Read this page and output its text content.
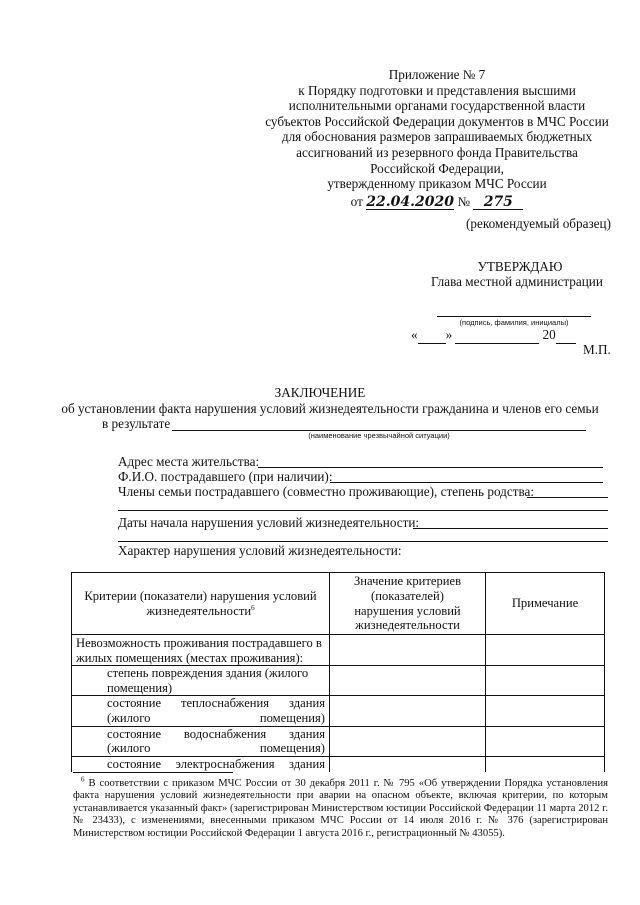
Приложение № 7
к Порядку подготовки и представления высшими
исполнительными органами государственной власти
субъектов Российской Федерации документов в МЧС России
для обоснования размеров запрашиваемых бюджетных
ассигнований из резервного фонда Правительства
Российской Федерации,
утвержденному приказом МЧС России
от 22.04.2020 № 275
(рекомендуемый образец)
УТВЕРЖДАЮ
Глава местной администрации
(подпись, фамилия, инициалы)
« »	20
М.П.
ЗАКЛЮЧЕНИЕ
об установлении факта нарушения условий жизнедеятельности гражданина и членов его семьи
в результате
(наименование чрезвычайной ситуации)
Адрес места жительства:
Ф.И.О. пострадавшего (при наличии):
Члены семьи пострадавшего (совместно проживающие), степень родства:
Даты начала нарушения условий жизнедеятельности:
Характер нарушения условий жизнедеятельности:
Критерии (показатели) нарушения условий жизнедеятельности$^6$	Значение критериев (показателей) нарушения условий жизнедеятельности	Примечание
Невозможность проживания пострадавшего в жилых помещениях (местах проживания):		
степень повреждения здания (жилого помещения)		
состояние теплоснабжения здания (жилого помещения)		
состояние водоснабжения здания (жилого помещения)		
состояние электроснабжения здания		
$^6$ В соответствии с приказом МЧС России от 30 декабря 2011 г. № 795 «Об утверждении Порядка установления факта нарушения условий жизнедеятельности при аварии на опасном объекте, включая критерии, по которым устанавливается указанный факт» (зарегистрирован Министерством юстиции Российской Федерации 11 марта 2012 г. № 23433), с изменениями, внесенными приказом МЧС России от 14 июля 2016 г. № 376 (зарегистрирован Министерством юстиции Российской Федерации 1 августа 2016 г., регистрационный № 43055).
